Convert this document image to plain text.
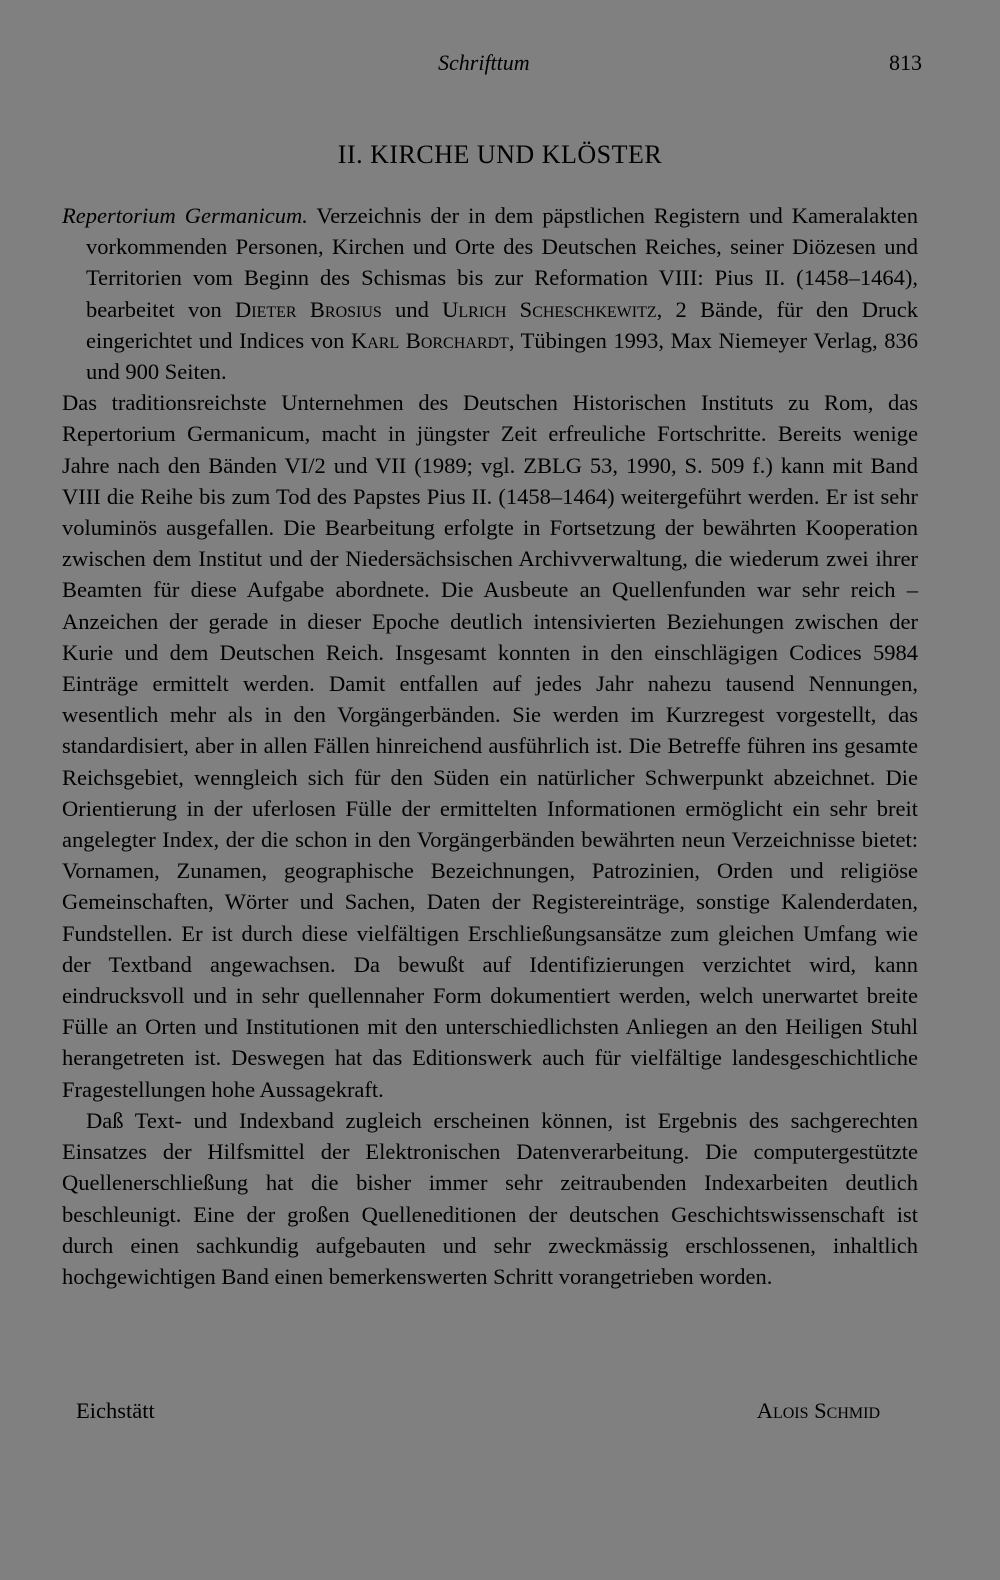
Schrifttum	813
II. KIRCHE UND KLÖSTER

Repertorium Germanicum. Verzeichnis der in dem päpstlichen Registern und Kameralakten vorkommenden Personen, Kirchen und Orte des Deutschen Reiches, seiner Diözesen und Territorien vom Beginn des Schismas bis zur Reformation VIII: Pius II. (1458–1464), bearbeitet von Dieter Brosius und Ulrich Scheschkewitz, 2 Bände, für den Druck eingerichtet und Indices von Karl Borchardt, Tübingen 1993, Max Niemeyer Verlag, 836 und 900 Seiten.

Das traditionsreichste Unternehmen des Deutschen Historischen Instituts zu Rom, das Repertorium Germanicum, macht in jüngster Zeit erfreuliche Fortschritte. Bereits wenige Jahre nach den Bänden VI/2 und VII (1989; vgl. ZBLG 53, 1990, S. 509 f.) kann mit Band VIII die Reihe bis zum Tod des Papstes Pius II. (1458–1464) weitergeführt werden. Er ist sehr voluminös ausgefallen. Die Bearbeitung erfolgte in Fortsetzung der bewährten Kooperation zwischen dem Institut und der Niedersächsischen Archivverwaltung, die wiederum zwei ihrer Beamten für diese Aufgabe abordnete. Die Ausbeute an Quellenfunden war sehr reich – Anzeichen der gerade in dieser Epoche deutlich intensivierten Beziehungen zwischen der Kurie und dem Deutschen Reich. Insgesamt konnten in den einschlägigen Codices 5984 Einträge ermittelt werden. Damit entfallen auf jedes Jahr nahezu tausend Nennungen, wesentlich mehr als in den Vorgängerbänden. Sie werden im Kurzregest vorgestellt, das standardisiert, aber in allen Fällen hinreichend ausführlich ist. Die Betreffe führen ins gesamte Reichsgebiet, wenngleich sich für den Süden ein natürlicher Schwerpunkt abzeichnet. Die Orientierung in der uferlosen Fülle der ermittelten Informationen ermöglicht ein sehr breit angelegter Index, der die schon in den Vorgängerbänden bewährten neun Verzeichnisse bietet: Vornamen, Zunamen, geographische Bezeichnungen, Patrozinien, Orden und religiöse Gemeinschaften, Wörter und Sachen, Daten der Registereinträge, sonstige Kalenderdaten, Fundstellen. Er ist durch diese vielfältigen Erschließungsansätze zum gleichen Umfang wie der Textband angewachsen. Da bewußt auf Identifizierungen verzichtet wird, kann eindrucksvoll und in sehr quellennaher Form dokumentiert werden, welch unerwartet breite Fülle an Orten und Institutionen mit den unterschiedlichsten Anliegen an den Heiligen Stuhl herangetreten ist. Deswegen hat das Editionswerk auch für vielfältige landesgeschichtliche Fragestellungen hohe Aussagekraft.

Daß Text- und Indexband zugleich erscheinen können, ist Ergebnis des sachgerechten Einsatzes der Hilfsmittel der Elektronischen Datenverarbeitung. Die computergestützte Quellenerschließung hat die bisher immer sehr zeitraubenden Indexarbeiten deutlich beschleunigt. Eine der großen Quelleneditionen der deutschen Geschichtswissenschaft ist durch einen sachkundig aufgebauten und sehr zweckmässig erschlossenen, inhaltlich hochgewichtigen Band einen bemerkenswerten Schritt vorangetrieben worden.

Eichstätt	Alois Schmid
